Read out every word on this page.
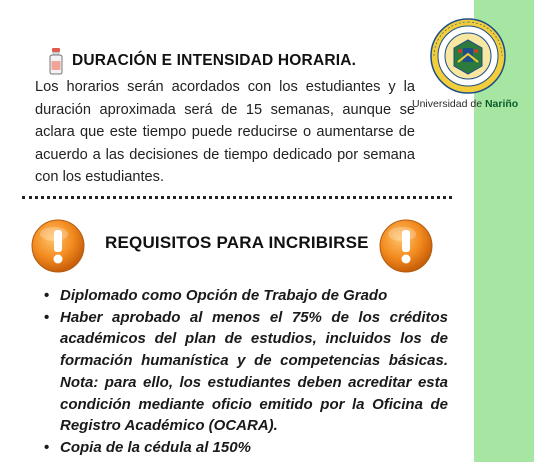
DURACIÓN E INTENSIDAD HORARIA.
Los horarios serán acordados con los estudiantes y la duración aproximada será de 15 semanas, aunque se aclara que este tiempo puede reducirse o aumentarse de acuerdo a las decisiones de tiempo dedicado por semana con los estudiantes.
Universidad de Nariño
REQUISITOS PARA INCRIBIRSE
• Diplomado como Opción de Trabajo de Grado
• Haber aprobado al menos el 75% de los créditos académicos del plan de estudios, incluidos los de formación humanística y de competencias básicas. Nota: para ello, los estudiantes deben acreditar esta condición mediante oficio emitido por la Oficina de Registro Académico (OCARA).
• Copia de la cédula al 150%
